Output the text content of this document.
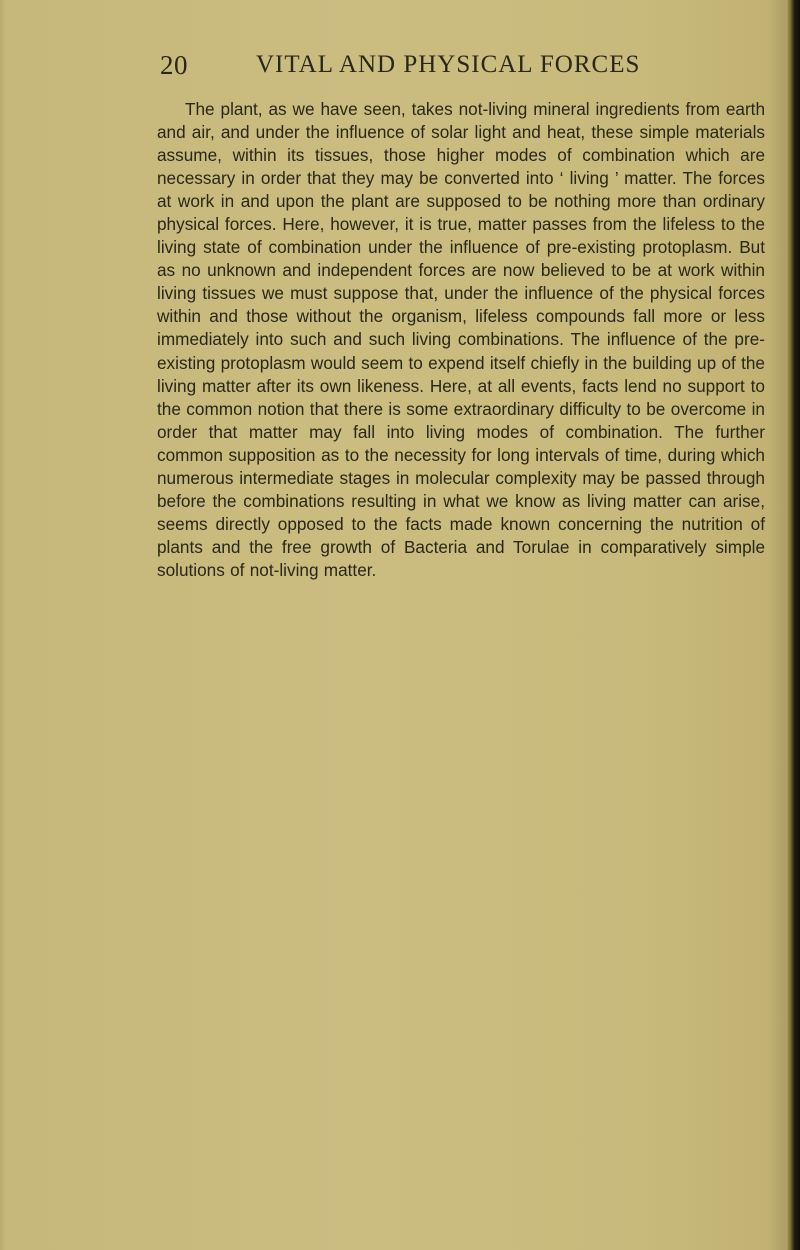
20	VITAL AND PHYSICAL FORCES

The plant, as we have seen, takes not-living mineral ingredients from earth and air, and under the influence of solar light and heat, these simple materials assume, within its tissues, those higher modes of combination which are necessary in order that they may be converted into ‘ living ’ matter. The forces at work in and upon the plant are supposed to be nothing more than ordinary physical forces. Here, however, it is true, matter passes from the lifeless to the living state of combination under the influence of pre-existing protoplasm. But as no unknown and independent forces are now believed to be at work within living tissues we must suppose that, under the influence of the physical forces within and those without the organism, lifeless compounds fall more or less immediately into such and such living combinations. The influence of the pre-existing protoplasm would seem to expend itself chiefly in the building up of the living matter after its own likeness. Here, at all events, facts lend no support to the common notion that there is some extraordinary difficulty to be overcome in order that matter may fall into living modes of combination. The further common supposition as to the necessity for long intervals of time, during which numerous intermediate stages in molecular complexity may be passed through before the combinations resulting in what we know as living matter can arise, seems directly opposed to the facts made known concerning the nutrition of plants and the free growth of Bacteria and Torulae in comparatively simple solutions of not-living matter.
